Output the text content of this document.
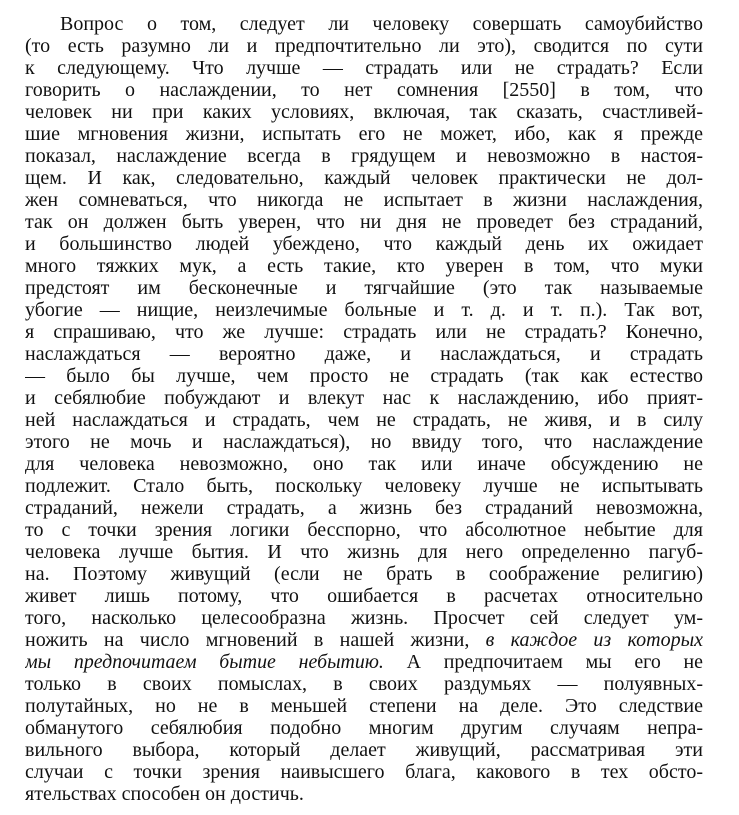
Вопрос о том, следует ли человеку совершать самоубийство
(то есть разумно ли и предпочтительно ли это), сводится по сути
к следующему. Что лучше — страдать или не страдать? Если
говорить о наслаждении, то нет сомнения [2550] в том, что
человек ни при каких условиях, включая, так сказать, счастливей-
шие мгновения жизни, испытать его не может, ибо, как я прежде
показал, наслаждение всегда в грядущем и невозможно в настоя-
щем. И как, следовательно, каждый человек практически не дол-
жен сомневаться, что никогда не испытает в жизни наслаждения,
так он должен быть уверен, что ни дня не проведет без страданий,
и большинство людей убеждено, что каждый день их ожидает
много тяжких мук, а есть такие, кто уверен в том, что муки
предстоят им бесконечные и тягчайшие (это так называемые
убогие — нищие, неизлечимые больные и т. д. и т. п.). Так вот,
я спрашиваю, что же лучше: страдать или не страдать? Конечно,
наслаждаться — вероятно даже, и наслаждаться, и страдать
— было бы лучше, чем просто не страдать (так как естество
и себялюбие побуждают и влекут нас к наслаждению, ибо прият-
ней наслаждаться и страдать, чем не страдать, не живя, и в силу
этого не мочь и наслаждаться), но ввиду того, что наслаждение
для человека невозможно, оно так или иначе обсуждению не
подлежит. Стало быть, поскольку человеку лучше не испытывать
страданий, нежели страдать, а жизнь без страданий невозможна,
то с точки зрения логики бесспорно, что абсолютное небытие для
человека лучше бытия. И что жизнь для него определенно пагуб-
на. Поэтому живущий (если не брать в соображение религию)
живет лишь потому, что ошибается в расчетах относительно
того, насколько целесообразна жизнь. Просчет сей следует ум-
ножить на число мгновений в нашей жизни, в каждое из которых
мы предпочитаем бытие небытию. А предпочитаем мы его не
только в своих помыслах, в своих раздумьях — полуявных-
полутайных, но не в меньшей степени на деле. Это следствие
обманутого себялюбия подобно многим другим случаям непра-
вильного выбора, который делает живущий, рассматривая эти
случаи с точки зрения наивысшего блага, какового в тех обсто-
ятельствах способен он достичь.
